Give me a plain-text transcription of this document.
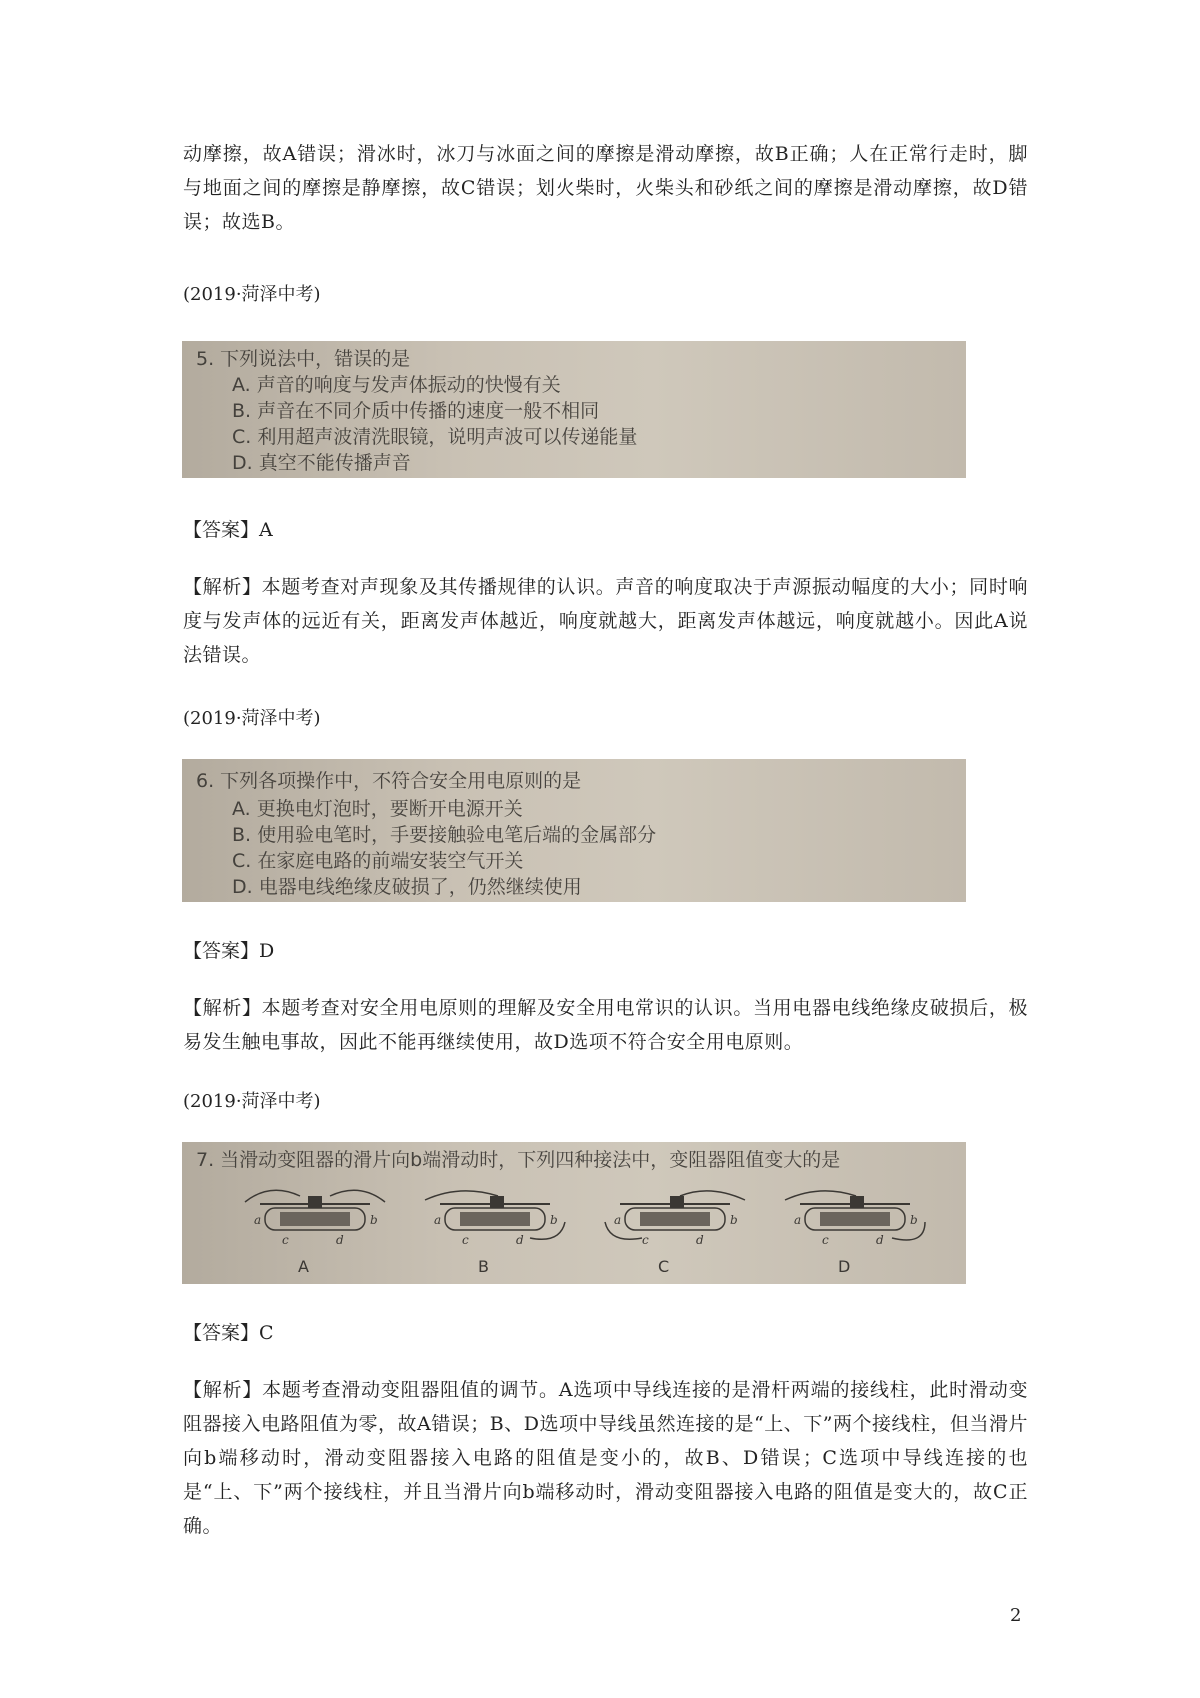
动摩擦，故A错误；滑冰时，冰刀与冰面之间的摩擦是滑动摩擦，故B正确；人在正常行走时，脚与地面之间的摩擦是静摩擦，故C错误；划火柴时，火柴头和砂纸之间的摩擦是滑动摩擦，故D错误；故选B。

(2019·菏泽中考)

5. 下列说法中，错误的是
A. 声音的响度与发声体振动的快慢有关
B. 声音在不同介质中传播的速度一般不相同
C. 利用超声波清洗眼镜，说明声波可以传递能量
D. 真空不能传播声音

【答案】A

【解析】本题考查对声现象及其传播规律的认识。声音的响度取决于声源振动幅度的大小；同时响度与发声体的远近有关，距离发声体越近，响度就越大，距离发声体越远，响度就越小。因此A说法错误。

(2019·菏泽中考)

6. 下列各项操作中，不符合安全用电原则的是
A. 更换电灯泡时，要断开电源开关
B. 使用验电笔时，手要接触验电笔后端的金属部分
C. 在家庭电路的前端安装空气开关
D. 电器电线绝缘皮破损了，仍然继续使用

【答案】D

【解析】本题考查对安全用电原则的理解及安全用电常识的认识。当用电器电线绝缘皮破损后，极易发生触电事故，因此不能再继续使用，故D选项不符合安全用电原则。

(2019·菏泽中考)

7. 当滑动变阻器的滑片向b端滑动时，下列四种接法中，变阻器阻值变大的是
a	b
c	d
A
a	b
c	d
B
a	b
c	d
C
a	b
c	d
D

【答案】C

【解析】本题考查滑动变阻器阻值的调节。A选项中导线连接的是滑杆两端的接线柱，此时滑动变阻器接入电路阻值为零，故A错误；B、D选项中导线虽然连接的是“上、下”两个接线柱，但当滑片向b端移动时，滑动变阻器接入电路的阻值是变小的，故B、D错误；C选项中导线连接的也是“上、下”两个接线柱，并且当滑片向b端移动时，滑动变阻器接入电路的阻值是变大的，故C正确。

2
